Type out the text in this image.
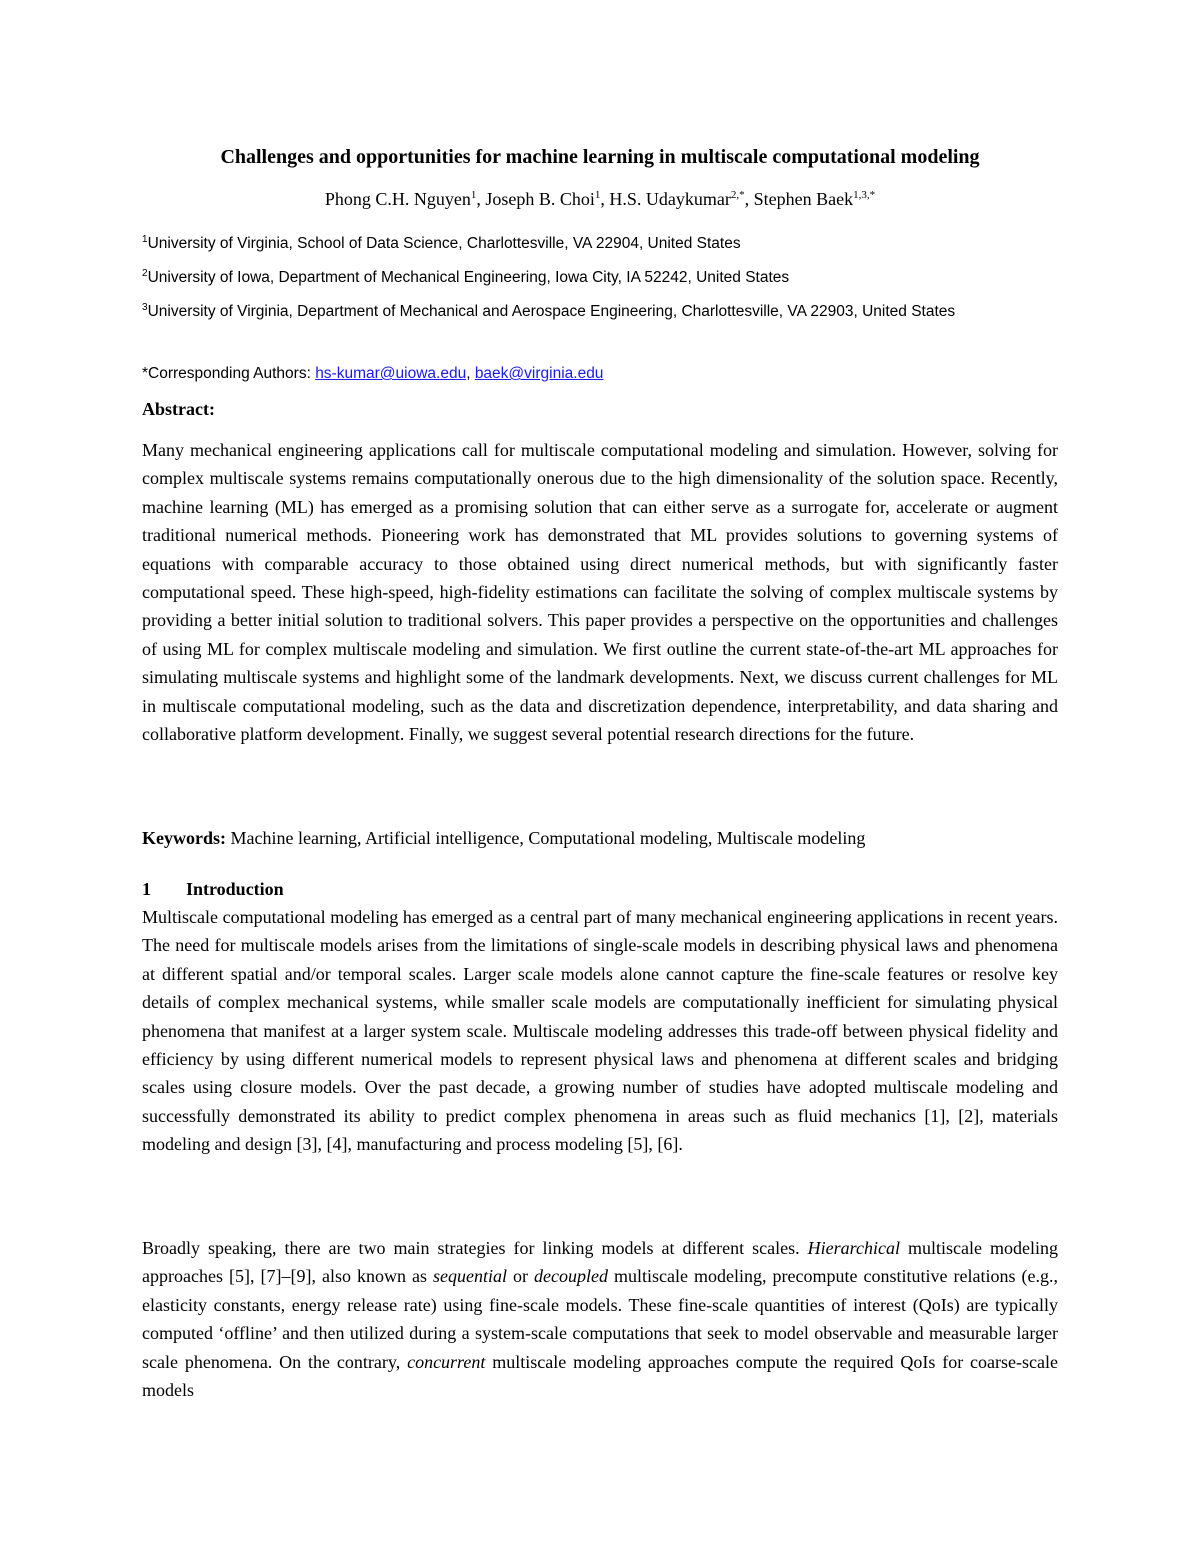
Challenges and opportunities for machine learning in multiscale computational modeling
Phong C.H. Nguyen$^1$, Joseph B. Choi$^1$, H.S. Udaykumar$^{2,*}$, Stephen Baek$^{1,3,*}$
$^1$University of Virginia, School of Data Science, Charlottesville, VA 22904, United States
$^2$University of Iowa, Department of Mechanical Engineering, Iowa City, IA 52242, United States
$^3$University of Virginia, Department of Mechanical and Aerospace Engineering, Charlottesville, VA 22903, United States
*Corresponding Authors: hs-kumar@uiowa.edu, baek@virginia.edu
Abstract:
Many mechanical engineering applications call for multiscale computational modeling and simulation. However, solving for complex multiscale systems remains computationally onerous due to the high dimensionality of the solution space. Recently, machine learning (ML) has emerged as a promising solution that can either serve as a surrogate for, accelerate or augment traditional numerical methods. Pioneering work has demonstrated that ML provides solutions to governing systems of equations with comparable accuracy to those obtained using direct numerical methods, but with significantly faster computational speed. These high-speed, high-fidelity estimations can facilitate the solving of complex multiscale systems by providing a better initial solution to traditional solvers. This paper provides a perspective on the opportunities and challenges of using ML for complex multiscale modeling and simulation. We first outline the current state-of-the-art ML approaches for simulating multiscale systems and highlight some of the landmark developments. Next, we discuss current challenges for ML in multiscale computational modeling, such as the data and discretization dependence, interpretability, and data sharing and collaborative platform development. Finally, we suggest several potential research directions for the future.
Keywords: Machine learning, Artificial intelligence, Computational modeling, Multiscale modeling
1 Introduction
Multiscale computational modeling has emerged as a central part of many mechanical engineering applications in recent years. The need for multiscale models arises from the limitations of single-scale models in describing physical laws and phenomena at different spatial and/or temporal scales. Larger scale models alone cannot capture the fine-scale features or resolve key details of complex mechanical systems, while smaller scale models are computationally inefficient for simulating physical phenomena that manifest at a larger system scale. Multiscale modeling addresses this trade-off between physical fidelity and efficiency by using different numerical models to represent physical laws and phenomena at different scales and bridging scales using closure models. Over the past decade, a growing number of studies have adopted multiscale modeling and successfully demonstrated its ability to predict complex phenomena in areas such as fluid mechanics [1], [2], materials modeling and design [3], [4], manufacturing and process modeling [5], [6].
Broadly speaking, there are two main strategies for linking models at different scales. Hierarchical multiscale modeling approaches [5], [7]–[9], also known as sequential or decoupled multiscale modeling, precompute constitutive relations (e.g., elasticity constants, energy release rate) using fine-scale models. These fine-scale quantities of interest (QoIs) are typically computed ‘offline’ and then utilized during a system-scale computations that seek to model observable and measurable larger scale phenomena. On the contrary, concurrent multiscale modeling approaches compute the required QoIs for coarse-scale models
